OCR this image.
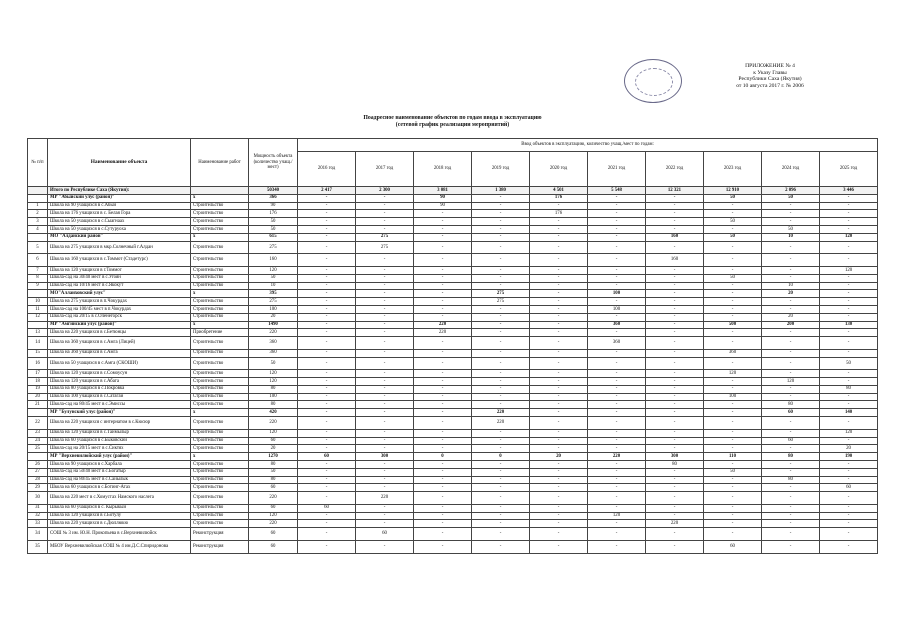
ПРИЛОЖЕНИЕ № 4
к Указу Главы
Республики Саха (Якутия)
от 10 августа 2017 г. № 2006
Поадресное наименование объектов по годам ввода в эксплуатацию
(сетевой график реализации мероприятий)
№ п/п	Наименование объекта	Наименование работ	Мощность объекта (количество учащ./мест)	Ввод объектов в эксплуатацию, количество учащ./мест по годам:									
				2016 год	2017 год	2018 год	2019 год	2020 год	2021 год	2022 год	2023 год	2024 год	2025 год
	Итого по Республике Саха (Якутия):		50340	2 417	2 300	3 081	1 380	4 501	5 548	12 321	12 910	2 096	3 446
	МР "Абыйский улус (район)"	х	366	-	-	90	-	176	-	-	50	50	-
1	Школа на 90 учащихся в с.Абый	Строительство	90	-	-	90	-	-	-	-	-	-	-
2	Школа на 176 учащихся в с. Белая Гора	Строительство	176	-	-	-	-	176	-	-	-	-	-
3	Школа на 50 учащихся в с.Сыагнаах	Строительство	50	-	-	-	-	-	-	-	50	-	-
4	Школа на 50 учащихся в с.Сутуруоха	Строительство	50	-	-	-	-	-	-	-	-	50	-
	МО "Алданский район"	х	615	-	275	-	-	-	-	160	50	10	120
5	Школа на 275 учащихся в мкр.Солнечный г.Алдан	Строительство	275	-	275	-	-	-	-	-	-	-	-
6	Школа на 160 учащихся в с.Томмот (Стадетурс)	Строительство	160	-	-	-	-	-	-	160	-	-	-
7	Школа на 120 учащихся в г.Томмот	Строительство	120	-	-	-	-	-	-	-	-	-	120
8	Школа-сад на 30/40 мест в с.Угоян	Строительство	50	-	-	-	-	-	-	-	50	-	-
9	Школа-сад на 10/16 мест в с.Якокут	Строительство	10	-	-	-	-	-	-	-	-	10	-
	МО"Аллаиховский улус"	х	395	-	-	-	275	-	100	-	-	20	-
10	Школа на 275 учащихся в п.Чокурдах	Строительство	275	-	-	-	275	-	-	-	-	-	-
11	Школа-сад на 100/45 мест в п.Чокурдах	Строительство	100	-	-	-	-	-	100	-	-	-	-
12	Школа-сад на 20/15 в с.Оленегорск	Строительство	20	-	-	-	-	-	-	-	-	20	-
	МР "Амгинский улус (район)"	х	1490	-	-	220	-	-	360	-	500	200	130
13	Школа на 220 учащихся в с.Бетюнцы	Приобретение	220	-	-	220	-	-	-	-	-	-	-
14	Школа на 360 учащихся в с.Амга (Лицей)	Строительство	360	-	-	-	-	-	360	-	-	-	-
15	Школа на 360 учащихся в с.Амга	Строительство	360	-	-	-	-	-	-	-	360	-	-
16	Школа на 50 учащихся в с.Амга (СКОШИ)	Строительство	50	-	-	-	-	-	-	-	-	-	50
17	Школа на 120 учащихся в с.Сомоусун	Строительство	120	-	-	-	-	-	-	-	120	-	-
18	Школа на 120 учащихся в с.Абага	Строительство	120	-	-	-	-	-	-	-	-	120	-
19	Школа на 80 учащихся в с.Покровка	Строительство	80	-	-	-	-	-	-	-	-	-	80
20	Школа на 100 учащихся в с.Сатагай	Строительство	100	-	-	-	-	-	-	-	100	-	-
21	Школа-сад на 80/45 мест в с.Эмиссы	Строительство	80	-	-	-	-	-	-	-	-	80	-
	МР "Булунский улус (район)"	х	420	-	-	-	220	-	-	-	-	60	140
22	Школа на 220 учащихся с интернатом в с.Кюсюр	Строительство	220	-	-	-	220	-	-	-	-	-	-
23	Школа на 120 учащихся в с.Таймылыр	Строительство	120	-	-	-	-	-	-	-	-	-	120
24	Школа на 60 учащихся в с.Быковский	Строительство	60	-	-	-	-	-	-	-	-	60	-
25	Школа-сад на 20/15 мест в с.Сиктях	Строительство	20	-	-	-	-	-	-	-	-	-	20
	МР "Верхневилюйский улус (район)"	х	1270	60	300	0	0	20	220	300	110	80	190
26	Школа на 90 учащихся в с.Харбала	Строительство	80	-	-	-	-	-	-	80	-	-	-
27	Школа-сад на 50/40 мест в с.Богатыр	Строительство	50	-	-	-	-	-	-	-	50	-	-
28	Школа-сад на 80/45 мест в с.Сайылык	Строительство	80	-	-	-	-	-	-	-	-	80	-
29	Школа на 60 учащихся в с.Ботинг-Атах	Строительство	60	-	-	-	-	-	-	-	-	-	60
30	Школа на 220 мест в с.Хомустах Намского наслега	Строительство	220	-	220	-	-	-	-	-	-	-	-
31	Школа на 60 учащихся в с. Кырыкый	Строительство	60	60	-	-	-	-	-	-	-	-	-
32	Школа на 120 учащихся в с.Ботулу	Строительство	120	-	-	-	-	-	120	-	-	-	-
33	Школа на 220 учащихся в с.Дюллюкю	Строительство	220	-	-	-	-	-	-	220	-	-	-
34	СОШ № 3 им. Ю.Н. Прокопьева в с.Верхневилюйск	Реконструкция	60	-	60	-	-	-	-	-	-	-	-
35	МБОУ Верхневилюйская СОШ № 4 им.Д.С.Спиридонова	Реконструкция	60	-	-	-	-	-	-	-	60	-	-
